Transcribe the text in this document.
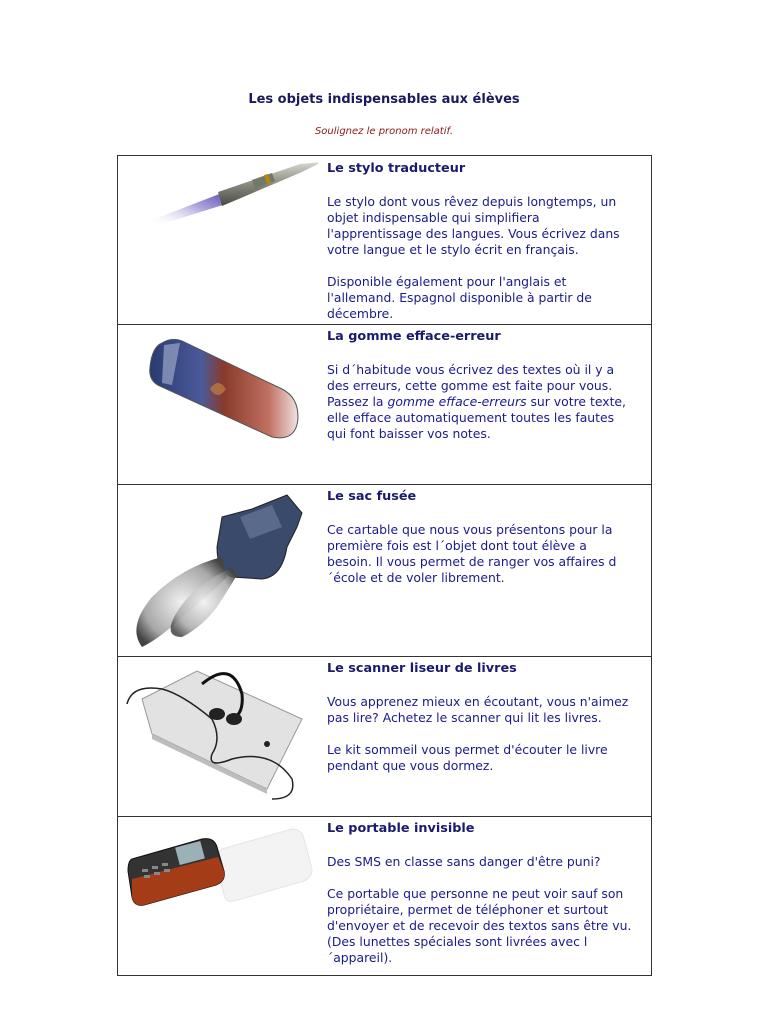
Les objets indispensables aux élèves
Soulignez le pronom relatif.
Le stylo traducteur

Le stylo dont vous rêvez depuis longtemps, un
objet indispensable qui simplifiera
l'apprentissage des langues. Vous écrivez dans
votre langue et le stylo écrit en français.

Disponible également pour l'anglais et
l'allemand. Espagnol disponible à partir de
décembre.

La gomme efface-erreur

Si d´habitude vous écrivez des textes où il y a
des erreurs, cette gomme est faite pour vous.
Passez la gomme efface-erreurs sur votre texte,
elle efface automatiquement toutes les fautes
qui font baisser vos notes.

Le sac fusée

Ce cartable que nous vous présentons pour la
première fois est l´objet dont tout élève a
besoin. Il vous permet de ranger vos affaires d
´école et de voler librement.

Le scanner liseur de livres

Vous apprenez mieux en écoutant, vous n'aimez
pas lire? Achetez le scanner qui lit les livres.

Le kit sommeil vous permet d'écouter le livre
pendant que vous dormez.

Le portable invisible

Des SMS en classe sans danger d'être puni?

Ce portable que personne ne peut voir sauf son
propriétaire, permet de téléphoner et surtout
d'envoyer et de recevoir des textos sans être vu.
(Des lunettes spéciales sont livrées avec l
´appareil).
